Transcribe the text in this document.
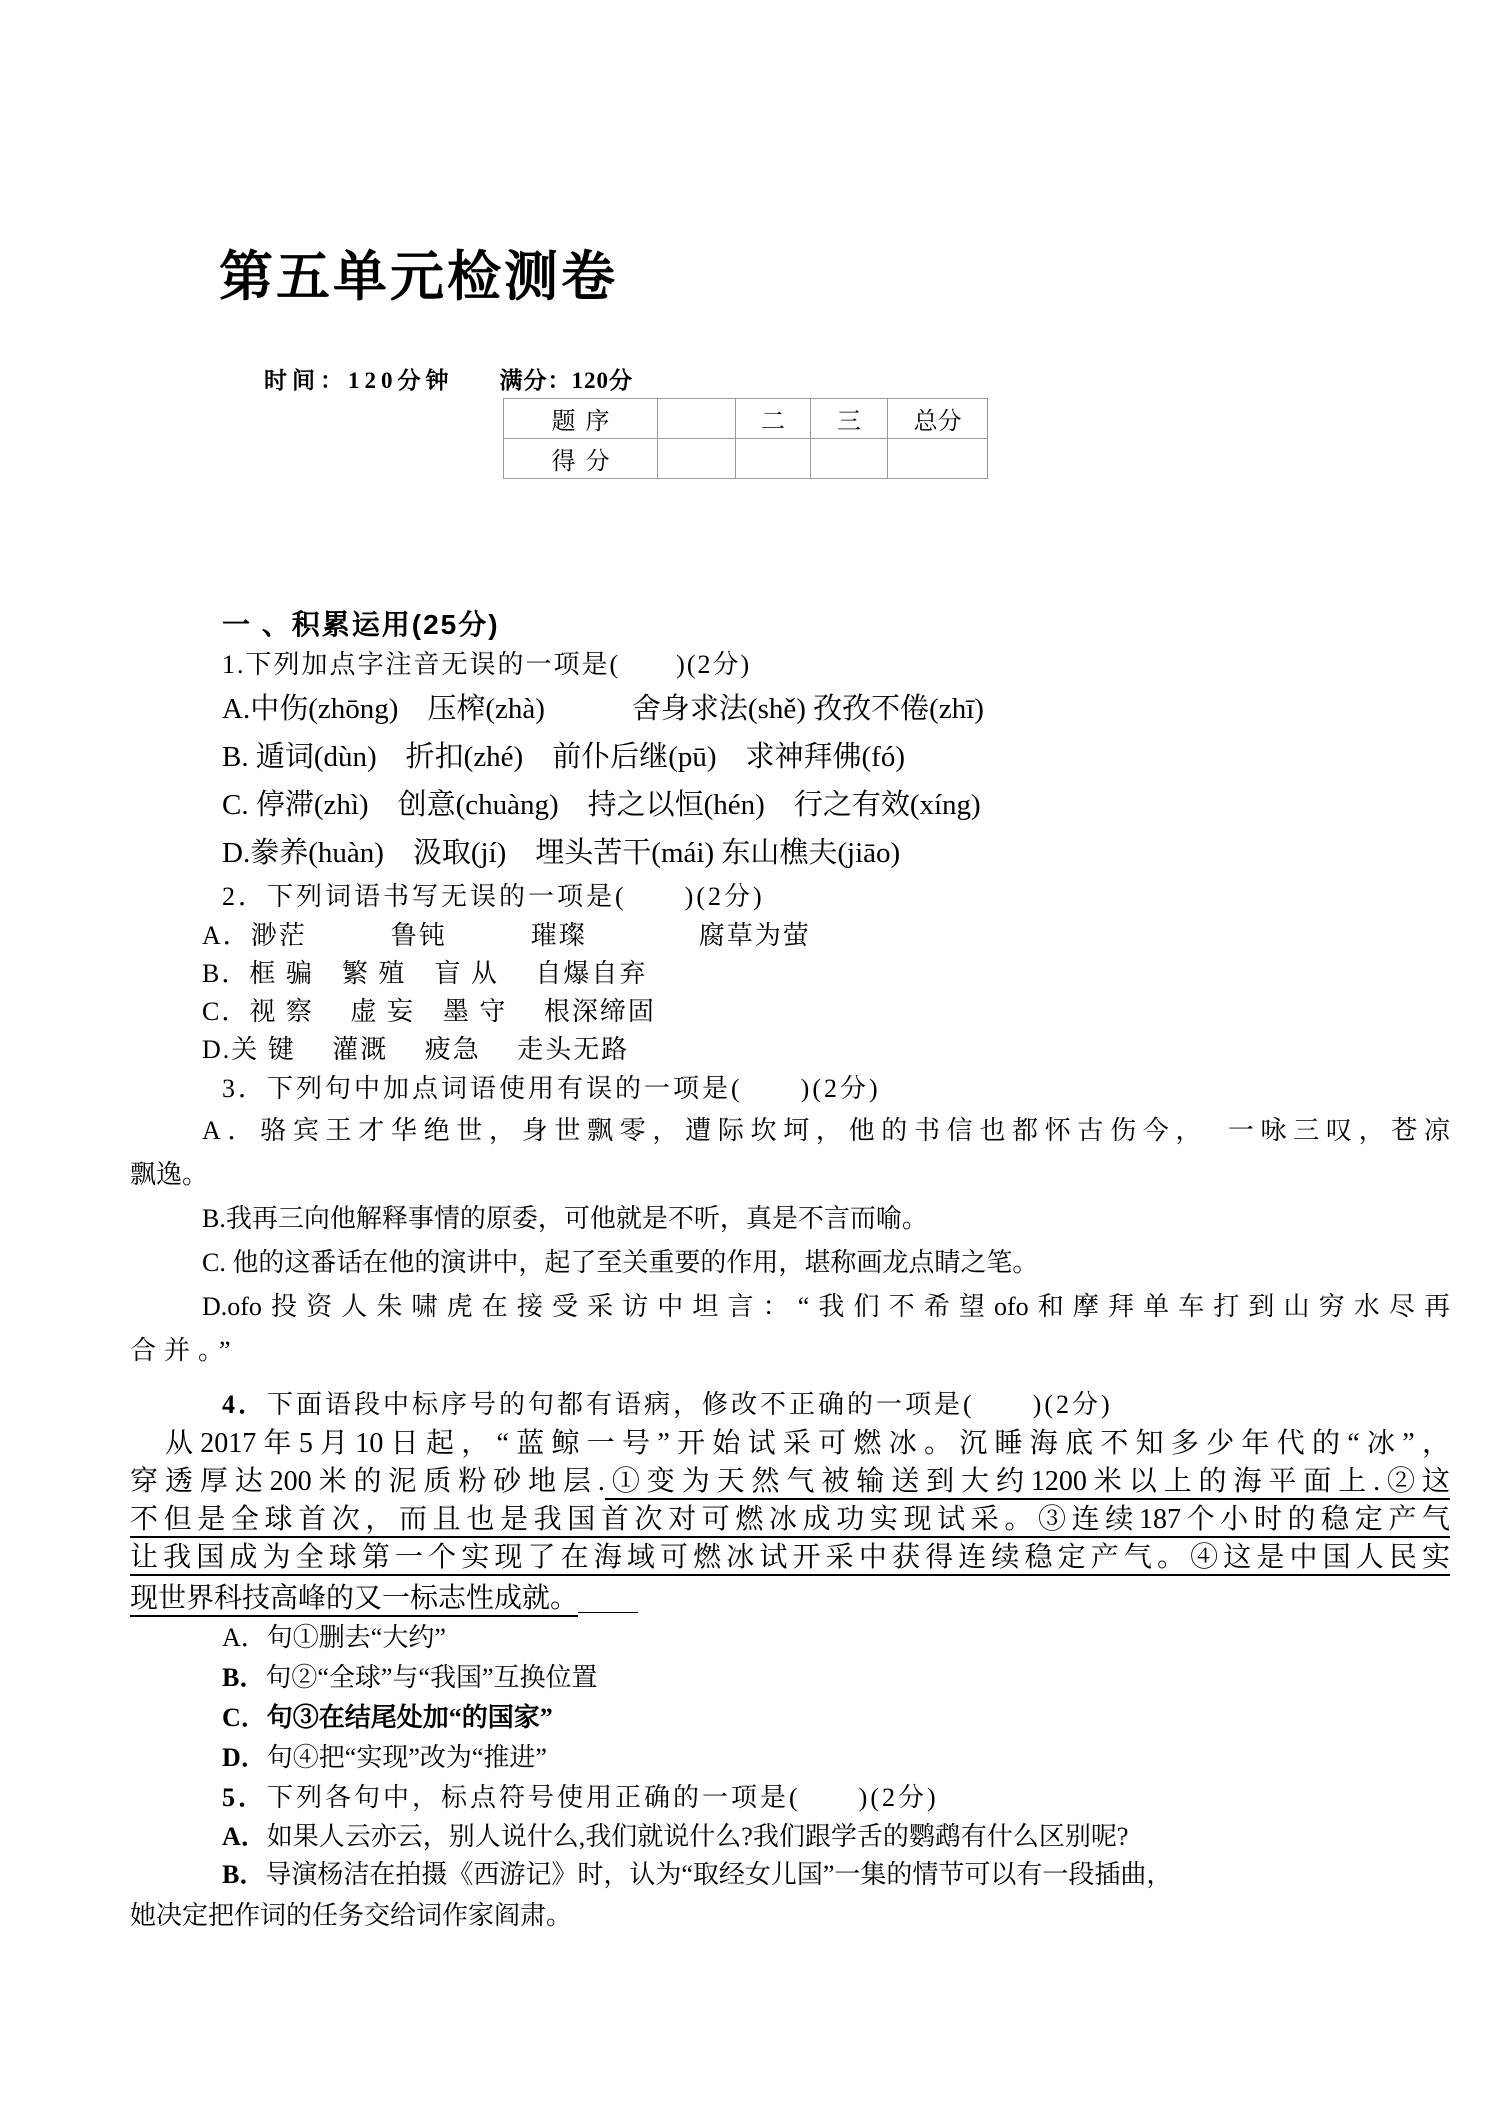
第五单元检测卷
时间：120分钟 满分：120分
题序		二	三	总分
得分				
一 、积累运用(25分)
1.下列加点字注音无误的一项是(　　)(2分)
A.中伤(zhōng)　压榨(zhà)　　　舍身求法(shě) 孜孜不倦(zhī)
B. 遁词(dùn)　折扣(zhé)　前仆后继(pū)　求神拜佛(fó)
C. 停滞(zhì)　创意(chuàng)　持之以恒(hén)　行之有效(xíng)
D.豢养(huàn)　汲取(jí)　埋头苦干(mái) 东山樵夫(jiāo)
2．下列词语书写无误的一项是(　　)(2分)
A．渺茫　　　鲁钝　　　璀璨　　　　腐草为萤
B．框 骗　繁 殖　盲 从　 自爆自弃
C．视 察　 虚 妄　墨 守　 根深缔固
D.关 键　 灌溉　 疲急　 走头无路
3．下列句中加点词语使用有误的一项是(　　)(2分)
A．骆宾王才华绝世，身世飘零，遭际坎坷，他的书信也都怀古伤今，　一咏三叹，苍凉
飘逸。
B.我再三向他解释事情的原委，可他就是不听，真是不言而喻。
C. 他的这番话在他的演讲中，起了至关重要的作用，堪称画龙点睛之笔。
D.ofo投资人朱啸虎在接受采访中坦言：“我们不希望ofo和摩拜单车打到山穷水尽再
合并。”
4．下面语段中标序号的句都有语病，修改不正确的一项是(　　)(2分)
从2017年5月10日起，“蓝鲸一号”开始试采可燃冰。沉睡海底不知多少年代的“冰”，
穿透厚达200米的泥质粉砂地层.①变为天然气被输送到大约1200米以上的海平面上.②这
不但是全球首次，而且也是我国首次对可燃冰成功实现试采。③连续187个小时的稳定产气
让我国成为全球第一个实现了在海域可燃冰试开采中获得连续稳定产气。④这是中国人民实
现世界科技高峰的又一标志性成就。
A．句①删去“大约”
B．句②“全球”与“我国”互换位置
C．句③在结尾处加“的国家”
D．句④把“实现”改为“推进”
5．下列各句中，标点符号使用正确的一项是(　　)(2分)
A．如果人云亦云，别人说什么,我们就说什么?我们跟学舌的鹦鹉有什么区别呢?
B．导演杨洁在拍摄《西游记》时，认为“取经女儿国”一集的情节可以有一段插曲，
她决定把作词的任务交给词作家阎肃。
